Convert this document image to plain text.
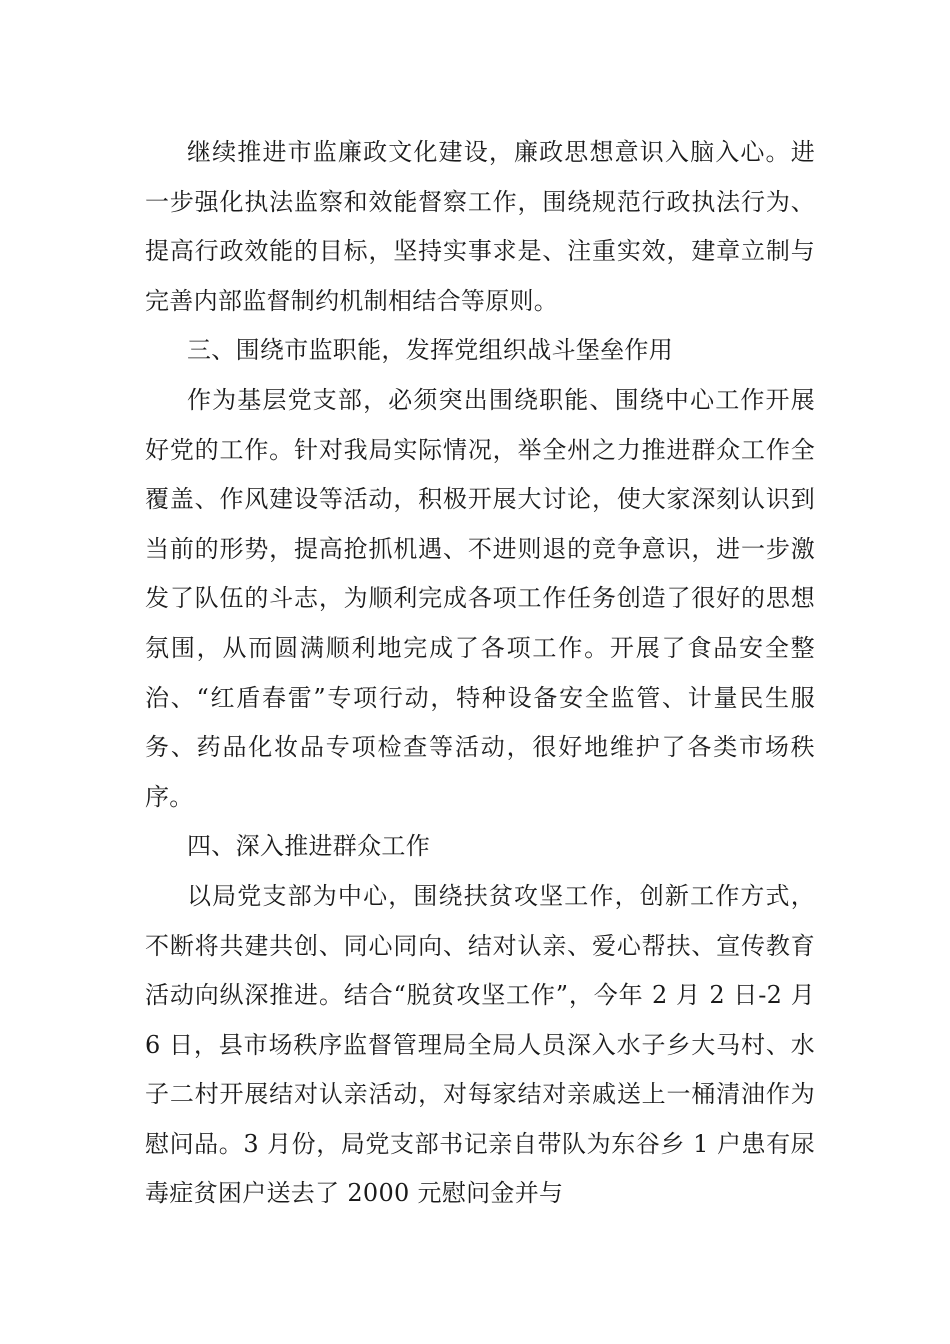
继续推进市监廉政文化建设，廉政思想意识入脑入心。进一步强化执法监察和效能督察工作，围绕规范行政执法行为、提高行政效能的目标，坚持实事求是、注重实效，建章立制与完善内部监督制约机制相结合等原则。

三、围绕市监职能，发挥党组织战斗堡垒作用

作为基层党支部，必须突出围绕职能、围绕中心工作开展好党的工作。针对我局实际情况，举全州之力推进群众工作全覆盖、作风建设等活动，积极开展大讨论，使大家深刻认识到当前的形势，提高抢抓机遇、不进则退的竞争意识，进一步激发了队伍的斗志，为顺利完成各项工作任务创造了很好的思想氛围，从而圆满顺利地完成了各项工作。开展了食品安全整治、“红盾春雷”专项行动，特种设备安全监管、计量民生服务、药品化妆品专项检查等活动，很好地维护了各类市场秩序。

四、深入推进群众工作

以局党支部为中心，围绕扶贫攻坚工作，创新工作方式，不断将共建共创、同心同向、结对认亲、爱心帮扶、宣传教育活动向纵深推进。结合“脱贫攻坚工作”，今年 2 月 2 日-2 月 6 日，县市场秩序监督管理局全局人员深入水子乡大马村、水子二村开展结对认亲活动，对每家结对亲戚送上一桶清油作为慰问品。3 月份，局党支部书记亲自带队为东谷乡 1 户患有尿毒症贫困户送去了 2000 元慰问金并与
